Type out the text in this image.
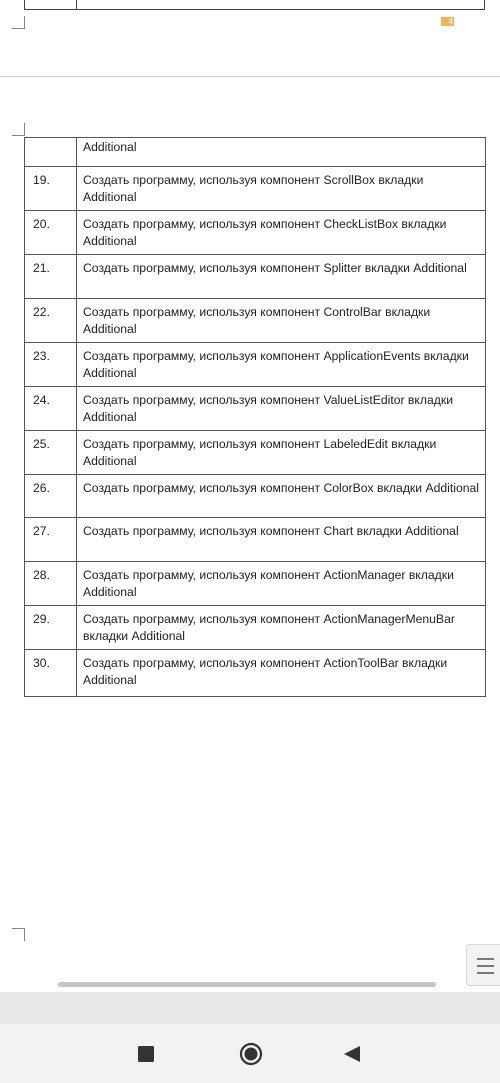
4
	Additional
19.	Создать программу, используя компонент ScrollBox вкладки Additional
20.	Создать программу, используя компонент CheckListBox вкладки Additional
21.	Создать программу, используя компонент Splitter вкладки Additional
22.	Создать программу, используя компонент ControlBar вкладки Additional
23.	Создать программу, используя компонент ApplicationEvents вкладки Additional
24.	Создать программу, используя компонент ValueListEditor вкладки Additional
25.	Создать программу, используя компонент LabeledEdit вкладки Additional
26.	Создать программу, используя компонент ColorBox вкладки Additional
27.	Создать программу, используя компонент Chart вкладки Additional
28.	Создать программу, используя компонент ActionManager вкладки Additional
29.	Создать программу, используя компонент ActionManagerMenuBar вкладки Additional
30.	Создать программу, используя компонент ActionToolBar вкладки Additional
